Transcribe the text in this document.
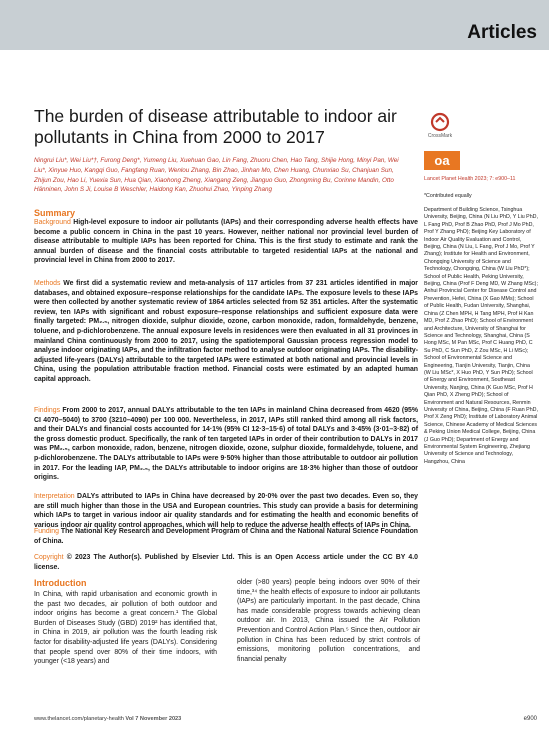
Articles
The burden of disease attributable to indoor air pollutants in China from 2000 to 2017	CrossMark
oa
Ningrui Liu*, Wei Liu*†, Furong Deng*, Yumeng Liu, Xuehuan Gao, Lin Fang, Zhuoru Chen, Hao Tang, Shijie Hong, Minyi Pan, Wei Liu*, Xinyue Huo, Kangqi Guo, Fangfang Ruan, Wenlou Zhang, Bin Zhao, Jinhan Mo, Chen Huang, Chunxiao Su, Chanjuan Sun, Zhijun Zou, Hao Li, Yuexia Sun, Hua Qian, Xiaohong Zheng, Xiangang Zeng, Jianguo Guo, Zhongming Bu, Corinne Mandin, Otto Hänninen, John S Ji, Louise B Weschler, Haidong Kan, Zhuohui Zhao, Yinping Zhang
Summary
Background High-level exposure to indoor air pollutants (IAPs) and their corresponding adverse health effects have become a public concern in China in the past 10 years. However, neither national nor provincial level burden of disease attributable to multiple IAPs has been reported for China. This is the first study to estimate and rank the annual burden of disease and the financial costs attributable to targeted residential IAPs at the national and provincial level in China from 2000 to 2017.
Methods We first did a systematic review and meta-analysis of 117 articles from 37 231 articles identified in major databases, and obtained exposure–response relationships for the candidate IAPs. The exposure levels to these IAPs were then collected by another systematic review of 1864 articles selected from 52 351 articles. After the systematic review, ten IAPs with significant and robust exposure–response relationships and sufficient exposure data were finally targeted: PM₂.₅, nitrogen dioxide, sulphur dioxide, ozone, carbon monoxide, radon, formaldehyde, benzene, toluene, and p-dichlorobenzene. The annual exposure levels in residences were then evaluated in all 31 provinces in mainland China continuously from 2000 to 2017, using the spatiotemporal Gaussian process regression model to analyse indoor originating IAPs, and the infiltration factor method to analyse outdoor originating IAPs. The disability-adjusted life-years (DALYs) attributable to the targeted IAPs were estimated at both national and provincial levels in China, using the population attributable fraction method. Financial costs were estimated by an adapted human capital approach.
Findings From 2000 to 2017, annual DALYs attributable to the ten IAPs in mainland China decreased from 4620 (95% CI 4070–5040) to 3700 (3210–4090) per 100 000. Nevertheless, in 2017, IAPs still ranked third among all risk factors, and their DALYs and financial costs accounted for 14·1% (95% CI 12·3–15·6) of total DALYs and 3·45% (3·01–3·82) of the gross domestic product. Specifically, the rank of ten targeted IAPs in order of their contribution to DALYs in 2017 was PM₂.₅, carbon monoxide, radon, benzene, nitrogen dioxide, ozone, sulphur dioxide, formaldehyde, toluene, and p-dichlorobenzene. The DALYs attributable to IAPs were 9·50% higher than those attributable to outdoor air pollution in 2017. For the leading IAP, PM₂.₅, the DALYs attributable to indoor origins are 18·3% higher than those of outdoor origins.
Interpretation DALYs attributed to IAPs in China have decreased by 20·0% over the past two decades. Even so, they are still much higher than those in the USA and European countries. This study can provide a basis for determining which IAPs to target in various indoor air quality standards and for estimating the health and economic benefits of various indoor air quality control approaches, which will help to reduce the adverse health effects of IAPs in China.
Funding The National Key Research and Development Program of China and the National Natural Science Foundation of China.
Copyright © 2023 The Author(s). Published by Elsevier Ltd. This is an Open Access article under the CC BY 4.0 license.
Introduction
In China, with rapid urbanisation and economic growth in the past two decades, air pollution of both outdoor and indoor origins has become a great concern.¹ The Global Burden of Diseases Study (GBD) 2019² has identified that, in China in 2019, air pollution was the fourth leading risk factor for disability-adjusted life years (DALYs). Considering that people spend over 80% of their time indoors, with younger (<18 years) and
older (>80 years) people being indoors over 90% of their time,³⁴ the health effects of exposure to indoor air pollutants (IAPs) are particularly important. In the past decade, China has made considerable progress towards achieving clean outdoor air. In 2013, China issued the Air Pollution Prevention and Control Action Plan.⁵ Since then, outdoor air pollution in China has been reduced by strict controls of emissions, monitoring pollution concentrations, and financial penalty
Lancet Planet Health 2023; 7: e900–11
*Contributed equally
Department of Building Science, Tsinghua University, Beijing, China (N Liu PhD, Y Liu PhD, L Fang PhD, Prof B Zhao PhD, Prof J Mo PhD, Prof Y Zhang PhD); Beijing Key Laboratory of Indoor Air Quality Evaluation and Control, Beijing, China (N Liu, L Fang, Prof J Mo, Prof Y Zhang); Institute for Health and Environment, Chongqing University of Science and Technology, Chongqing, China (W Liu PhD*); School of Public Health, Peking University, Beijing, China (Prof F Deng MD, W Zhang MSc); Anhui Provincial Center for Disease Control and Prevention, Hefei, China (X Gao MMs); School of Public Health, Fudan University, Shanghai, China (Z Chen MPH, H Tang MPH, Prof H Kan MD, Prof Z Zhao PhD); School of Environment and Architecture, University of Shanghai for Science and Technology, Shanghai, China (S Hong MSc, M Pan MSc, Prof C Huang PhD, C Su PhD, C Sun PhD, Z Zou MSc, H Li MSc); School of Environmental Science and Engineering, Tianjin University, Tianjin, China (W Liu MSc*, X Huo PhD, Y Sun PhD); School of Energy and Environment, Southeast University, Nanjing, China (K Guo MSc, Prof H Qian PhD, X Zheng PhD); School of Environment and Natural Resources, Renmin University of China, Beijing, China (F Ruan PhD, Prof X Zeng PhD); Institute of Laboratory Animal Science, Chinese Academy of Medical Sciences & Peking Union Medical College, Beijing, China (J Guo PhD); Department of Energy and Environmental System Engineering, Zhejiang University of Science and Technology, Hangzhou, China
www.thelancet.com/planetary-health Vol 7 November 2023	e900
